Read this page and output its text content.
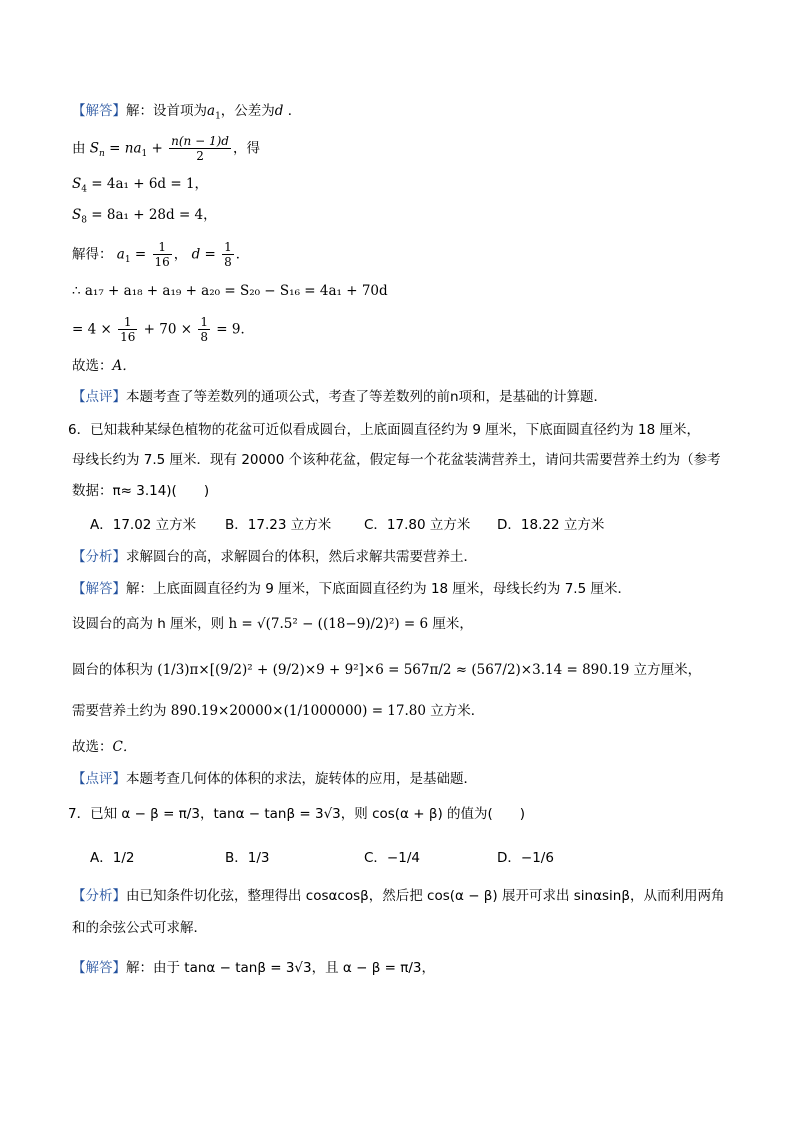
【解答】解：设首项为$a_1$，公差为d ．
由 $S_n = na_1 + \frac{n(n - 1)d}{2}$ ，得
$S_4 = 4a_1 + 6d = 1$，
$S_8 = 8a_1 + 28d = 4$，
解得： $a_1 = \frac{1}{16}$ ， $d = \frac{1}{8}$ ．
∴ a₁₇ + a₁₈ + a₁₉ + a₂₀ = S₂₀ − S₁₆ = 4a₁ + 70d
= $4 \times \frac{1}{16} + 70 \times \frac{1}{8} = 9$．
故选：A．
【点评】本题考查了等差数列的通项公式，考查了等差数列的前n项和，是基础的计算题．
6．已知栽种某绿色植物的花盆可近似看成圆台，上底面圆直径约为 9 厘米，下底面圆直径约为 18 厘米，
母线长约为 7.5 厘米．现有 20000 个该种花盆，假定每一个花盆装满营养土，请问共需要营养土约为（参考
数据：π≈ 3.14)(　　)
A．17.02 立方米 B．17.23 立方米 C．17.80 立方米 D．18.22 立方米
【分析】求解圆台的高，求解圆台的体积，然后求解共需要营养土．
【解答】解：上底面圆直径约为 9 厘米，下底面圆直径约为 18 厘米，母线长约为 7.5 厘米．
设圆台的高为 h 厘米，则 h = √(7.5² − ((18−9)/2)²) = 6 厘米，
圆台的体积为 (1/3)π×[(9/2)² + (9/2)×9 + 9²]×6 = 567π/2 ≈ (567/2)×3.14 = 890.19 立方厘米，
需要营养土约为 890.19×20000×(1/1000000) = 17.80 立方米．
故选：C．
【点评】本题考查几何体的体积的求法，旋转体的应用，是基础题．
7．已知 α − β = π/3，tanα − tanβ = 3√3，则 cos(α + β) 的值为(　　)
A．1/2	B．1/3	C．−1/4	D．−1/6
【分析】由已知条件切化弦，整理得出 cosαcosβ，然后把 cos(α − β) 展开可求出 sinαsinβ，从而利用两角
和的余弦公式可求解．
【解答】解：由于 tanα − tanβ = 3√3，且 α − β = π/3，
